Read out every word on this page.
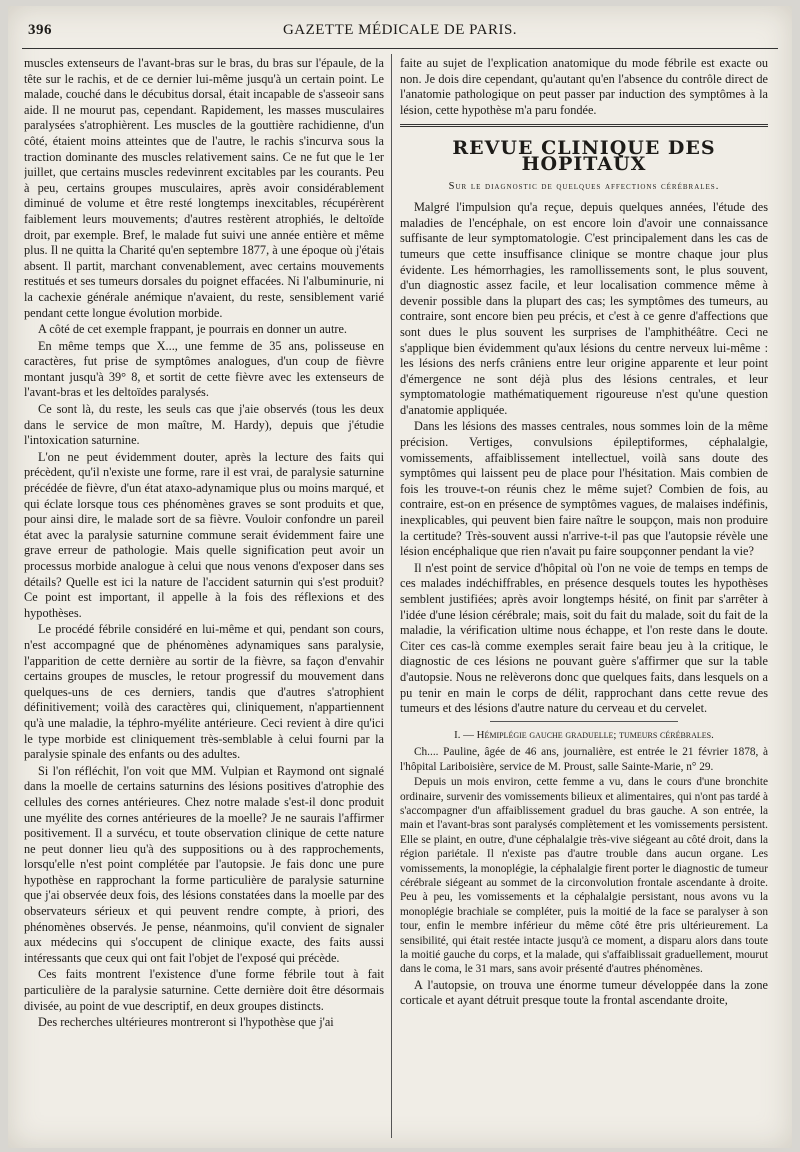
396	GAZETTE MÉDICALE DE PARIS.

muscles extenseurs de l'avant-bras sur le bras, du bras sur l'épaule, de la tête sur le rachis, et de ce dernier lui-même jusqu'à un certain point. Le malade, couché dans le décubitus dorsal, était incapable de s'asseoir sans aide. Il ne mourut pas, cependant. Rapidement, les masses musculaires paralysées s'atrophièrent. Les muscles de la gouttière rachidienne, d'un côté, étaient moins atteintes que de l'autre, le rachis s'incurva sous la traction dominante des muscles relativement sains. Ce ne fut que le 1er juillet, que certains muscles redevinrent excitables par les courants. Peu à peu, certains groupes musculaires, après avoir considérablement diminué de volume et être resté longtemps inexcitables, récupérèrent faiblement leurs mouvements; d'autres restèrent atrophiés, le deltoïde droit, par exemple. Bref, le malade fut suivi une année entière et même plus. Il ne quitta la Charité qu'en septembre 1877, à une époque où j'étais absent. Il partit, marchant convenablement, avec certains mouvements restitués et ses tumeurs dorsales du poignet effacées. Ni l'albuminurie, ni la cachexie générale anémique n'avaient, du reste, sensiblement varié pendant cette longue évolution morbide.

A côté de cet exemple frappant, je pourrais en donner un autre.

En même temps que X..., une femme de 35 ans, polisseuse en caractères, fut prise de symptômes analogues, d'un coup de fièvre montant jusqu'à 39° 8, et sortit de cette fièvre avec les extenseurs de l'avant-bras et les deltoïdes paralysés.

Ce sont là, du reste, les seuls cas que j'aie observés (tous les deux dans le service de mon maître, M. Hardy), depuis que j'étudie l'intoxication saturnine.

L'on ne peut évidemment douter, après la lecture des faits qui précèdent, qu'il n'existe une forme, rare il est vrai, de paralysie saturnine précédée de fièvre, d'un état ataxo-adynamique plus ou moins marqué, et qui éclate lorsque tous ces phénomènes graves se sont produits et que, pour ainsi dire, le malade sort de sa fièvre. Vouloir confondre un pareil état avec la paralysie saturnine commune serait évidemment faire une grave erreur de pathologie. Mais quelle signification peut avoir un processus morbide analogue à celui que nous venons d'exposer dans ses détails? Quelle est ici la nature de l'accident saturnin qui s'est produit? Ce point est important, il appelle à la fois des réflexions et des hypothèses.

Le procédé fébrile considéré en lui-même et qui, pendant son cours, n'est accompagné que de phénomènes adynamiques sans paralysie, l'apparition de cette dernière au sortir de la fièvre, sa façon d'envahir certains groupes de muscles, le retour progressif du mouvement dans quelques-uns de ces derniers, tandis que d'autres s'atrophient définitivement; voilà des caractères qui, cliniquement, n'appartiennent qu'à une maladie, la téphro-myélite antérieure. Ceci revient à dire qu'ici le type morbide est cliniquement très-semblable à celui fourni par la paralysie spinale des enfants ou des adultes.

Si l'on réfléchit, l'on voit que MM. Vulpian et Raymond ont signalé dans la moelle de certains saturnins des lésions positives d'atrophie des cellules des cornes antérieures. Chez notre malade s'est-il donc produit une myélite des cornes antérieures de la moelle? Je ne saurais l'affirmer positivement. Il a survécu, et toute observation clinique de cette nature ne peut donner lieu qu'à des suppositions ou à des rapprochements, lorsqu'elle n'est point complétée par l'autopsie. Je fais donc une pure hypothèse en rapprochant la forme particulière de paralysie saturnine que j'ai observée deux fois, des lésions constatées dans la moelle par des observateurs sérieux et qui peuvent rendre compte, à priori, des phénomènes observés. Je pense, néanmoins, qu'il convient de signaler aux médecins qui s'occupent de clinique exacte, des faits aussi intéressants que ceux qui ont fait l'objet de l'exposé qui précède.

Ces faits montrent l'existence d'une forme fébrile tout à fait particulière de la paralysie saturnine. Cette dernière doit être désormais divisée, au point de vue descriptif, en deux groupes distincts.

Des recherches ultérieures montreront si l'hypothèse que j'ai

faite au sujet de l'explication anatomique du mode fébrile est exacte ou non. Je dois dire cependant, qu'autant qu'en l'absence du contrôle direct de l'anatomie pathologique on peut passer par induction des symptômes à la lésion, cette hypothèse m'a paru fondée.

REVUE CLINIQUE DES HOPITAUX
Sur le diagnostic de quelques affections cérébrales.

Malgré l'impulsion qu'a reçue, depuis quelques années, l'étude des maladies de l'encéphale, on est encore loin d'avoir une connaissance suffisante de leur symptomatologie. C'est principalement dans les cas de tumeurs que cette insuffisance clinique se montre chaque jour plus évidente. Les hémorrhagies, les ramollissements sont, le plus souvent, d'un diagnostic assez facile, et leur localisation commence même à devenir possible dans la plupart des cas; les symptômes des tumeurs, au contraire, sont encore bien peu précis, et c'est à ce genre d'affections que sont dues le plus souvent les surprises de l'amphithéâtre. Ceci ne s'applique bien évidemment qu'aux lésions du centre nerveux lui-même : les lésions des nerfs crâniens entre leur origine apparente et leur point d'émergence ne sont déjà plus des lésions centrales, et leur symptomatologie mathématiquement rigoureuse n'est qu'une question d'anatomie appliquée.

Dans les lésions des masses centrales, nous sommes loin de la même précision. Vertiges, convulsions épileptiformes, céphalalgie, vomissements, affaiblissement intellectuel, voilà sans doute des symptômes qui laissent peu de place pour l'hésitation. Mais combien de fois les trouve-t-on réunis chez le même sujet? Combien de fois, au contraire, est-on en présence de symptômes vagues, de malaises indéfinis, inexplicables, qui peuvent bien faire naître le soupçon, mais non produire la certitude? Très-souvent aussi n'arrive-t-il pas que l'autopsie révèle une lésion encéphalique que rien n'avait pu faire soupçonner pendant la vie?

Il n'est point de service d'hôpital où l'on ne voie de temps en temps de ces malades indéchiffrables, en présence desquels toutes les hypothèses semblent justifiées; après avoir longtemps hésité, on finit par s'arrêter à l'idée d'une lésion cérébrale; mais, soit du fait du malade, soit du fait de la maladie, la vérification ultime nous échappe, et l'on reste dans le doute. Citer ces cas-là comme exemples serait faire beau jeu à la critique, le diagnostic de ces lésions ne pouvant guère s'affirmer que sur la table d'autopsie. Nous ne relèverons donc que quelques faits, dans lesquels on a pu tenir en main le corps de délit, rapprochant dans cette revue des tumeurs et des lésions d'autre nature du cerveau et du cervelet.

I. — Hémiplégie gauche graduelle; tumeurs cérébrales.

Ch.... Pauline, âgée de 46 ans, journalière, est entrée le 21 février 1878, à l'hôpital Lariboisière, service de M. Proust, salle Sainte-Marie, n° 29.

Depuis un mois environ, cette femme a vu, dans le cours d'une bronchite ordinaire, survenir des vomissements bilieux et alimentaires, qui n'ont pas tardé à s'accompagner d'un affaiblissement graduel du bras gauche. A son entrée, la main et l'avant-bras sont paralysés complètement et les vomissements persistent. Elle se plaint, en outre, d'une céphalalgie très-vive siégeant au côté droit, dans la région pariétale. Il n'existe pas d'autre trouble dans aucun organe. Les vomissements, la monoplégie, la céphalalgie firent porter le diagnostic de tumeur cérébrale siégeant au sommet de la circonvolution frontale ascendante à droite. Peu à peu, les vomissements et la céphalalgie persistant, nous avons vu la monoplégie brachiale se compléter, puis la moitié de la face se paralyser à son tour, enfin le membre inférieur du même côté être pris ultérieurement. La sensibilité, qui était restée intacte jusqu'à ce moment, a disparu alors dans toute la moitié gauche du corps, et la malade, qui s'affaiblissait graduellement, mourut dans le coma, le 31 mars, sans avoir présenté d'autres phénomènes.

A l'autopsie, on trouva une énorme tumeur développée dans la zone corticale et ayant détruit presque toute la frontal ascendante droite,
